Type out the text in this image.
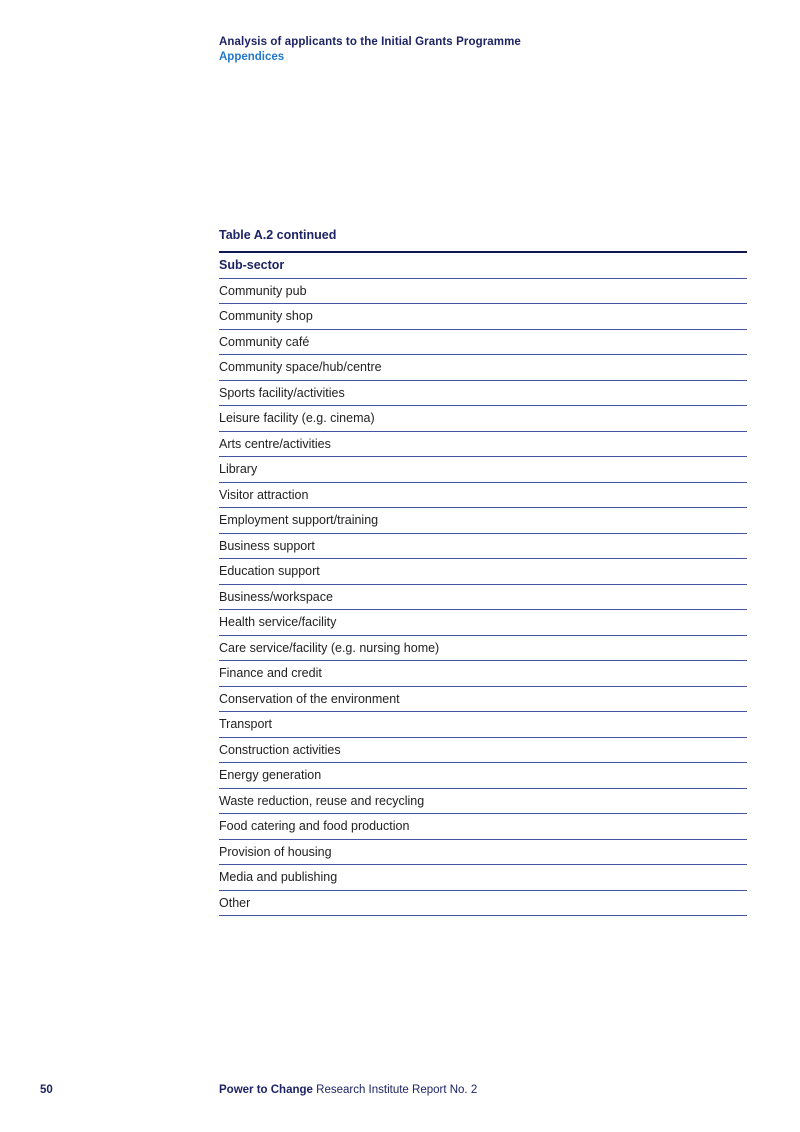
Analysis of applicants to the Initial Grants Programme
Appendices
Table A.2 continued
Sub-sector
Community pub
Community shop
Community café
Community space/hub/centre
Sports facility/activities
Leisure facility (e.g. cinema)
Arts centre/activities
Library
Visitor attraction
Employment support/training
Business support
Education support
Business/workspace
Health service/facility
Care service/facility (e.g. nursing home)
Finance and credit
Conservation of the environment
Transport
Construction activities
Energy generation
Waste reduction, reuse and recycling
Food catering and food production
Provision of housing
Media and publishing
Other
50	Power to Change Research Institute Report No. 2
